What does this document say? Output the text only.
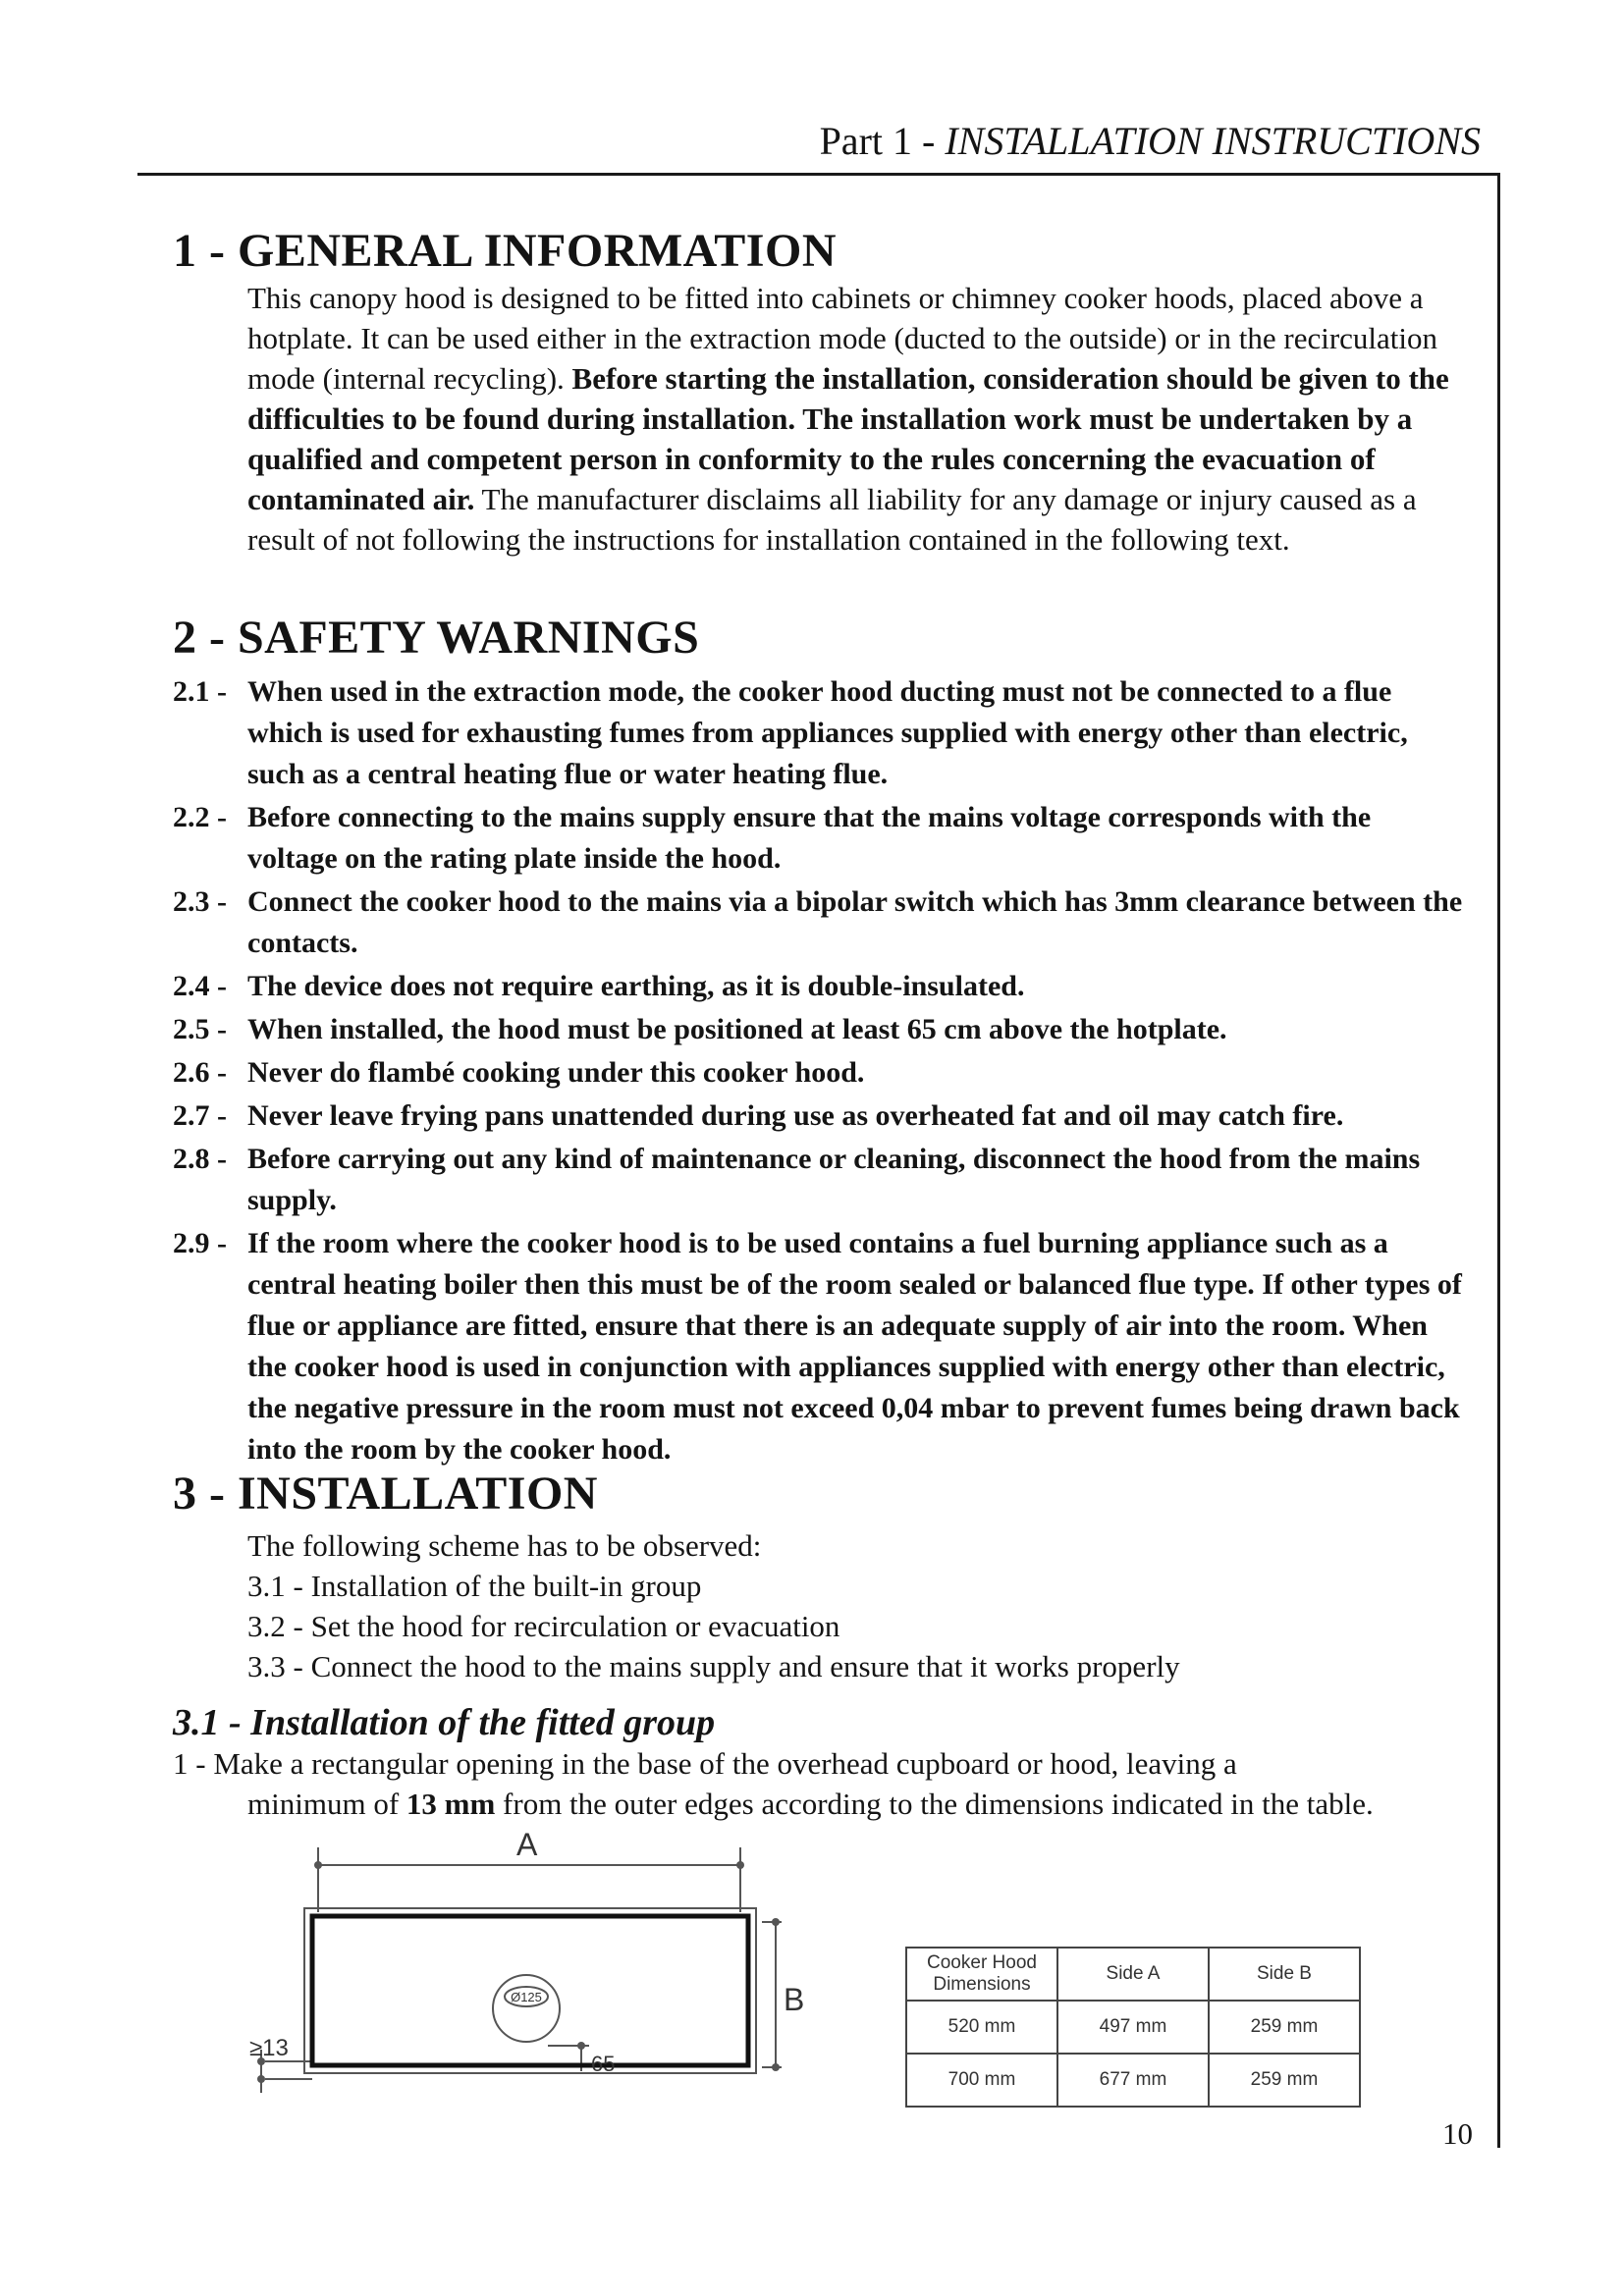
Part 1 - INSTALLATION INSTRUCTIONS
1 - GENERAL INFORMATION

This canopy hood is designed to be fitted into cabinets or chimney cooker hoods, placed above a hotplate. It can be used either in the extraction mode (ducted to the outside) or in the recirculation mode (internal recycling). Before starting the installation, consideration should be given to the difficulties to be found during installation. The installation work must be undertaken by a qualified and competent person in conformity to the rules concerning the evacuation of contaminated air. The manufacturer disclaims all liability for any damage or injury caused as a result of not following the instructions for installation contained in the following text.

2 - SAFETY WARNINGS
2.1 - When used in the extraction mode, the cooker hood ducting must not be connected to a flue which is used for exhausting fumes from appliances supplied with energy other than electric, such as a central heating flue or water heating flue.
2.2 - Before connecting to the mains supply ensure that the mains voltage corresponds with the voltage on the rating plate inside the hood.
2.3 - Connect the cooker hood to the mains via a bipolar switch which has 3mm clearance between the contacts.
2.4 - The device does not require earthing, as it is double-insulated.
2.5 - When installed, the hood must be positioned at least 65 cm above the hotplate.
2.6 - Never do flambé cooking under this cooker hood.
2.7 - Never leave frying pans unattended during use as overheated fat and oil may catch fire.
2.8 - Before carrying out any kind of maintenance or cleaning, disconnect the hood from the mains supply.
2.9 - If the room where the cooker hood is to be used contains a fuel burning appliance such as a central heating boiler then this must be of the room sealed or balanced flue type. If other types of flue or appliance are fitted, ensure that there is an adequate supply of air into the room. When the cooker hood is used in conjunction with appliances supplied with energy other than electric, the negative pressure in the room must not exceed 0,04 mbar to prevent fumes being drawn back into the room by the cooker hood.
3 - INSTALLATION
The following scheme has to be observed:
3.1 - Installation of the built-in group
3.2 - Set the hood for recirculation or evacuation
3.3 - Connect the hood to the mains supply and ensure that it works properly
3.1 - Installation of the fitted group
1 - Make a rectangular opening in the base of the overhead cupboard or hood, leaving a
minimum of 13 mm from the outer edges according to the dimensions indicated in the table.
A
B
≥13
65
Ø125
Cooker Hood
Dimensions	Side A	Side B
520 mm	497 mm	259 mm
700 mm	677 mm	259 mm
10
